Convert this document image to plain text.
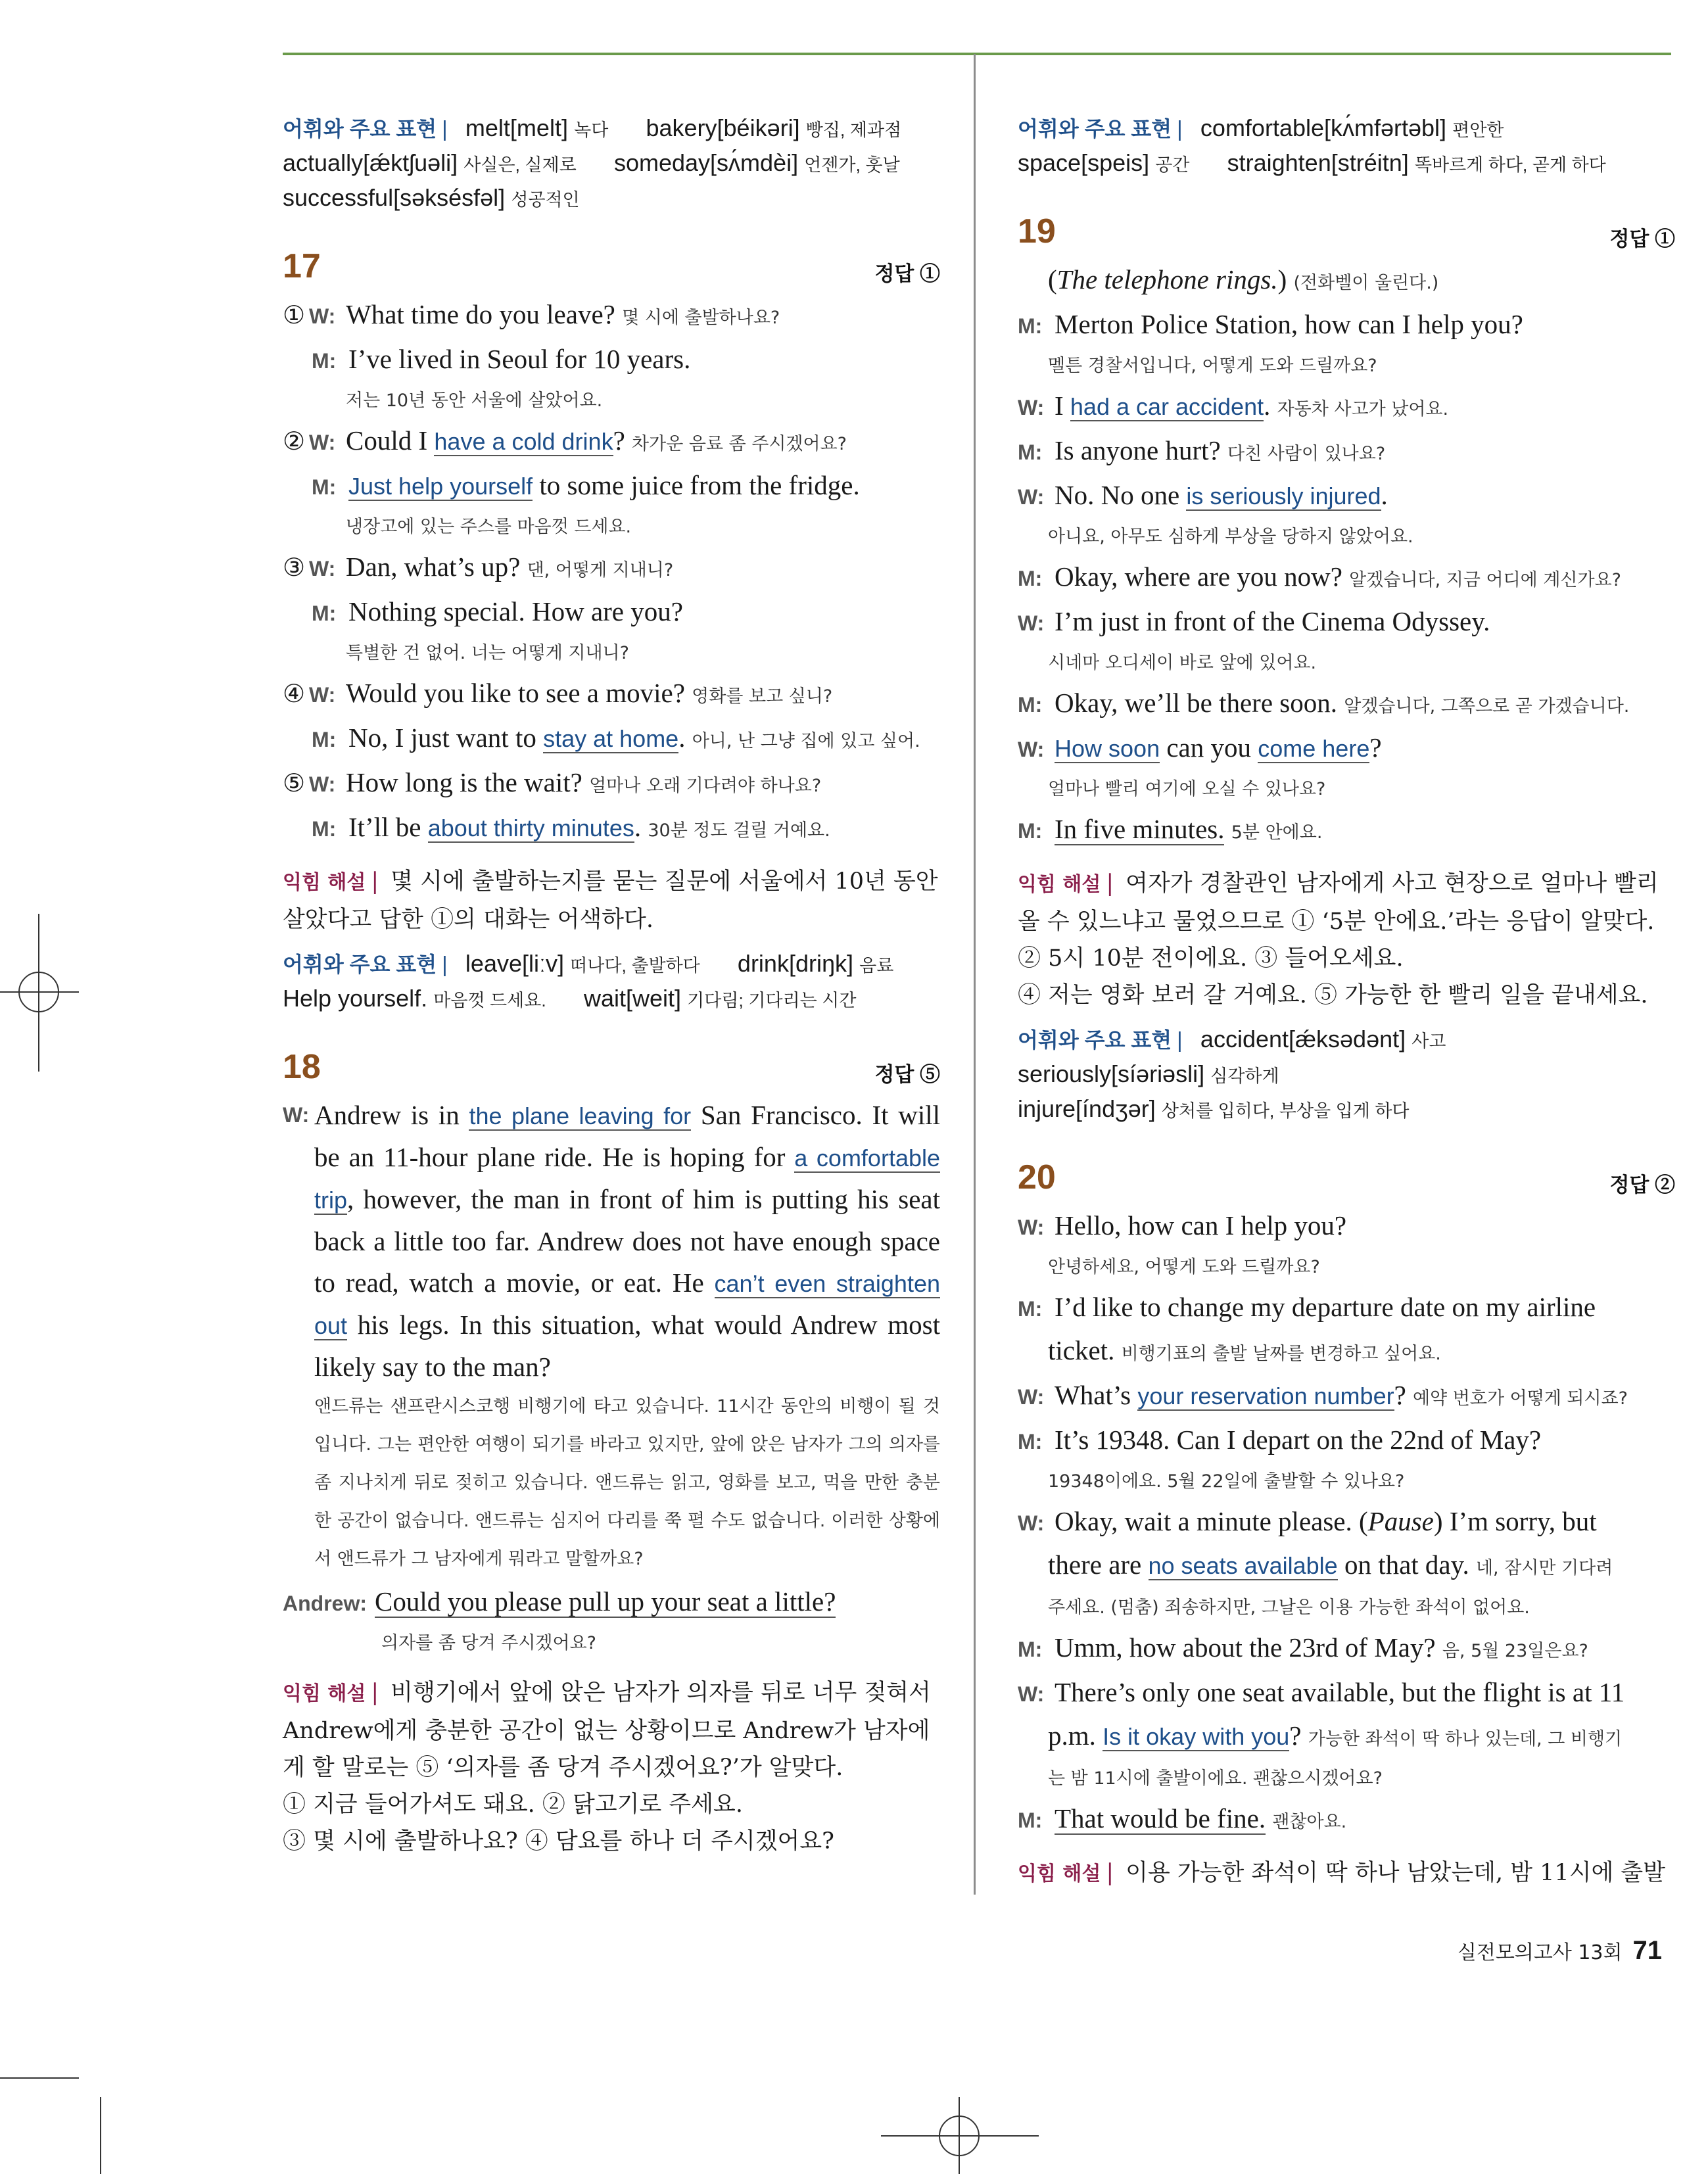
어휘와 주요 표현 | melt[melt] 녹다 bakery[béikəri] 빵집, 제과점

actually[ǽktʃuəli] 사실은, 실제로 someday[sʌ́mdèi] 언젠가, 훗날

successful[səksésfəl] 성공적인

17	정답 ①

① W: What time do you leave? 몇 시에 출발하나요?

M: I’ve lived in Seoul for 10 years.

저는 10년 동안 서울에 살았어요.

② W: Could I have a cold drink? 차가운 음료 좀 주시겠어요?

M: Just help yourself to some juice from the fridge.

냉장고에 있는 주스를 마음껏 드세요.

③ W: Dan, what’s up? 댄, 어떻게 지내니?

M: Nothing special. How are you?

특별한 건 없어. 너는 어떻게 지내니?

④ W: Would you like to see a movie? 영화를 보고 싶니?

M: No, I just want to stay at home. 아니, 난 그냥 집에 있고 싶어.

⑤ W: How long is the wait? 얼마나 오래 기다려야 하나요?

M: It’ll be about thirty minutes. 30분 정도 걸릴 거예요.

익힘 해설 | 몇 시에 출발하는지를 묻는 질문에 서울에서 10년 동안
살았다고 답한 ①의 대화는 어색하다.

어휘와 주요 표현 | leave[liːv] 떠나다, 출발하다 drink[driŋk] 음료

Help yourself. 마음껏 드세요. wait[weit] 기다림; 기다리는 시간

18	정답 ⑤
W: Andrew is in the plane leaving for San Francisco. It will be an 11-hour plane ride. He is hoping for a comfortable trip, however, the man in front of him is putting his seat back a little too far. Andrew does not have enough space to read, watch a movie, or eat. He can’t even straighten out his legs. In this situation, what would Andrew most likely say to the man?

앤드류는 샌프란시스코행 비행기에 타고 있습니다. 11시간 동안의 비행이 될 것입니다. 그는 편안한 여행이 되기를 바라고 있지만, 앞에 앉은 남자가 그의 의자를 좀 지나치게 뒤로 젖히고 있습니다. 앤드류는 읽고, 영화를 보고, 먹을 만한 충분한 공간이 없습니다. 앤드류는 심지어 다리를 쭉 펼 수도 없습니다. 이러한 상황에서 앤드류가 그 남자에게 뭐라고 말할까요?

Andrew: Could you please pull up your seat a little?

의자를 좀 당겨 주시겠어요?

익힘 해설 | 비행기에서 앞에 앉은 남자가 의자를 뒤로 너무 젖혀서
Andrew에게 충분한 공간이 없는 상황이므로 Andrew가 남자에
게 할 말로는 ⑤ ‘의자를 좀 당겨 주시겠어요?’가 알맞다.
① 지금 들어가셔도 돼요. ② 닭고기로 주세요.
③ 몇 시에 출발하나요? ④ 담요를 하나 더 주시겠어요?

어휘와 주요 표현 | comfortable[kʌ́mfərtəbl] 편안한

space[speis] 공간 straighten[stréitn] 똑바르게 하다, 곧게 하다

19	정답 ①

(The telephone rings.) (전화벨이 울린다.)

M: Merton Police Station, how can I help you?

멜튼 경찰서입니다, 어떻게 도와 드릴까요?

W: I had a car accident. 자동차 사고가 났어요.

M: Is anyone hurt? 다친 사람이 있나요?

W: No. No one is seriously injured.

아니요, 아무도 심하게 부상을 당하지 않았어요.

M: Okay, where are you now? 알겠습니다, 지금 어디에 계신가요?

W: I’m just in front of the Cinema Odyssey.

시네마 오디세이 바로 앞에 있어요.

M: Okay, we’ll be there soon. 알겠습니다, 그쪽으로 곧 가겠습니다.

W: How soon can you come here?

얼마나 빨리 여기에 오실 수 있나요?

M: In five minutes. 5분 안에요.

익힘 해설 | 여자가 경찰관인 남자에게 사고 현장으로 얼마나 빨리
올 수 있느냐고 물었으므로 ① ‘5분 안에요.’라는 응답이 알맞다.
② 5시 10분 전이에요. ③ 들어오세요.
④ 저는 영화 보러 갈 거예요. ⑤ 가능한 한 빨리 일을 끝내세요.

어휘와 주요 표현 | accident[ǽksədənt] 사고

seriously[síəriəsli] 심각하게

injure[índʒər] 상처를 입히다, 부상을 입게 하다

20	정답 ②

W: Hello, how can I help you?

안녕하세요, 어떻게 도와 드릴까요?

M: I’d like to change my departure date on my airline

ticket. 비행기표의 출발 날짜를 변경하고 싶어요.

W: What’s your reservation number? 예약 번호가 어떻게 되시죠?

M: It’s 19348. Can I depart on the 22nd of May?

19348이에요. 5월 22일에 출발할 수 있나요?

W: Okay, wait a minute please. (Pause) I’m sorry, but

there are no seats available on that day. 네, 잠시만 기다려

주세요. (멈춤) 죄송하지만, 그날은 이용 가능한 좌석이 없어요.

M: Umm, how about the 23rd of May? 음, 5월 23일은요?

W: There’s only one seat available, but the flight is at 11

p.m. Is it okay with you? 가능한 좌석이 딱 하나 있는데, 그 비행기

는 밤 11시에 출발이에요. 괜찮으시겠어요?

M: That would be fine. 괜찮아요.

익힘 해설 | 이용 가능한 좌석이 딱 하나 남았는데, 밤 11시에 출발
실전모의고사 13회 71
